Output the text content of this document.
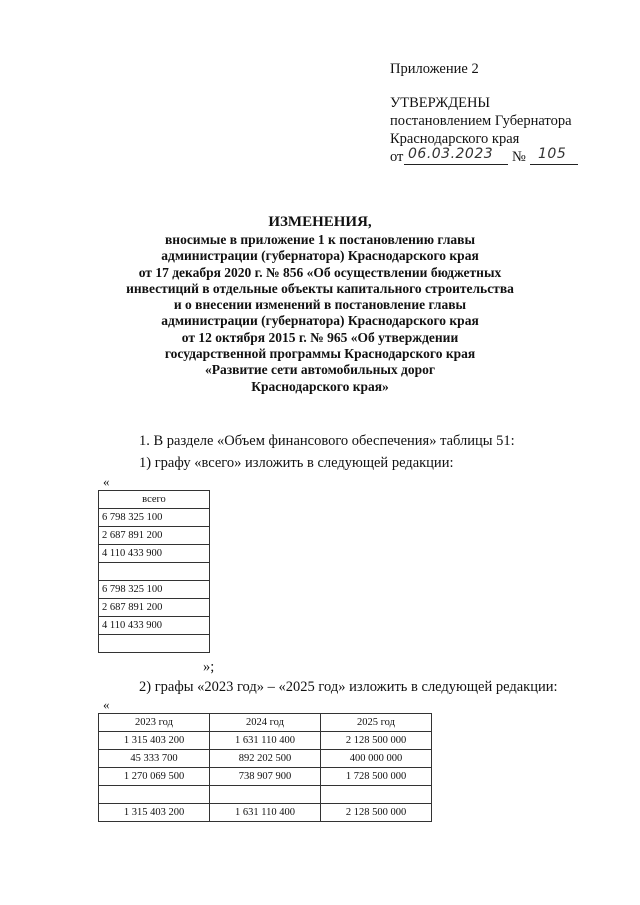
Приложение 2
УТВЕРЖДЕНЫ
постановлением Губернатора
Краснодарского края
от 06.03.2023 № 105
ИЗМЕНЕНИЯ,
вносимые в приложение 1 к постановлению главы
администрации (губернатора) Краснодарского края
от 17 декабря 2020 г. № 856 «Об осуществлении бюджетных
инвестиций в отдельные объекты капитального строительства
и о внесении изменений в постановление главы
администрации (губернатора) Краснодарского края
от 12 октября 2015 г. № 965 «Об утверждении
государственной программы Краснодарского края
«Развитие сети автомобильных дорог
Краснодарского края»
1. В разделе «Объем финансового обеспечения» таблицы 51:
1) графу «всего» изложить в следующей редакции:
«
всего
6 798 325 100
2 687 891 200
4 110 433 900

6 798 325 100
2 687 891 200
4 110 433 900

»;
2) графы «2023 год» – «2025 год» изложить в следующей редакции:
«
2023 год	2024 год	2025 год
1 315 403 200	1 631 110 400	2 128 500 000
45 333 700	892 202 500	400 000 000
1 270 069 500	738 907 900	1 728 500 000

1 315 403 200	1 631 110 400	2 128 500 000
